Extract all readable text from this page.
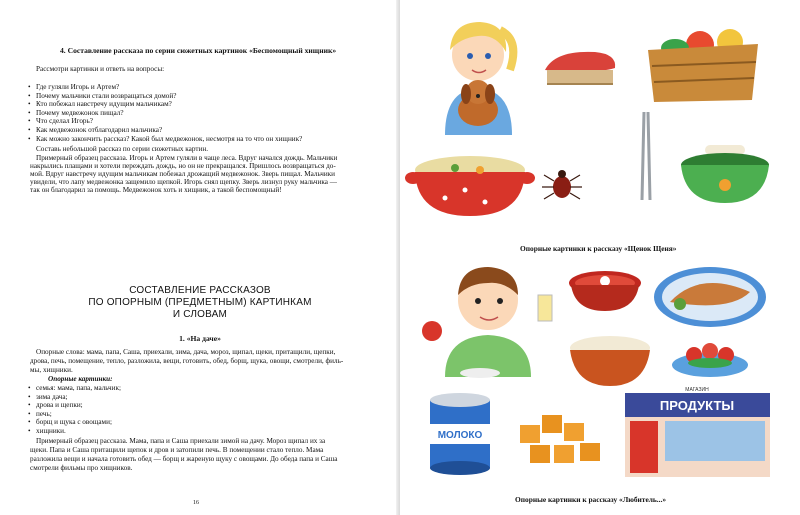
4. Составление рассказа по серии сюжетных картинок «Беспомощный хищник»

Рассмотри картинки и ответь на вопросы:

• Где гуляли Игорь и Артем?
• Почему мальчики стали возвращаться домой?
• Кто побежал навстречу идущим мальчикам?
• Почему медвежонок пищал?
• Что сделал Игорь?
• Как медвежонок отблагодарил мальчика?
• Как можно закончить рассказ? Какой был медвежонок, несмотря на то что он хищник?

Составь небольшой рассказ по серии сюжетных картин.

Примерный образец рассказа. Игорь и Артем гуляли в чаще леса. Вдруг начался дождь. Мальчики

накрылись плащами и хотели переждать дождь, но он не прекращался. Пришлось возвращаться до-

мой. Вдруг навстречу идущим мальчикам побежал дрожащий медвежонок. Зверь пищал. Мальчики

увидели, что лапу медвежонка защемило щепкой. Игорь снял щепку. Зверь лизнул руку мальчика —

так он благодарил за помощь. Медвежонок хоть и хищник, а такой беспомощный!

СОСТАВЛЕНИЕ РАССКАЗОВ
ПО ОПОРНЫМ (ПРЕДМЕТНЫМ) КАРТИНКАМ
И СЛОВАМ

1. «На даче»

Опорные слова: мама, папа, Саша, приехали, зима, дача, мороз, щипал, щеки, притащили, щепки,

дрова, печь, помещение, тепло, разложила, вещи, готовить, обед, борщ, щука, овощи, смотрели, филь-

мы, хищники.

Опорные картинки:

• семья: мама, папа, мальчик;
• зима дача;
• дрова и щепки;
• печь;
• борщ и щука с овощами;
• хищники.

Примерный образец рассказа. Мама, папа и Саша приехали зимой на дачу. Мороз щипал их за

щеки. Папа и Саша притащили щепок и дров и затопили печь. В помещении стало тепло. Мама

разложила вещи и начала готовить обед — борщ и жареную щуку с овощами. До обеда папа и Саша

смотрели фильмы про хищников.

16

Опорные картинки к рассказу «Щенок Щеня»

МОЛОКО
МАГАЗИН
ПРОДУКТЫ

Опорные картинки к рассказу «Любитель...»
